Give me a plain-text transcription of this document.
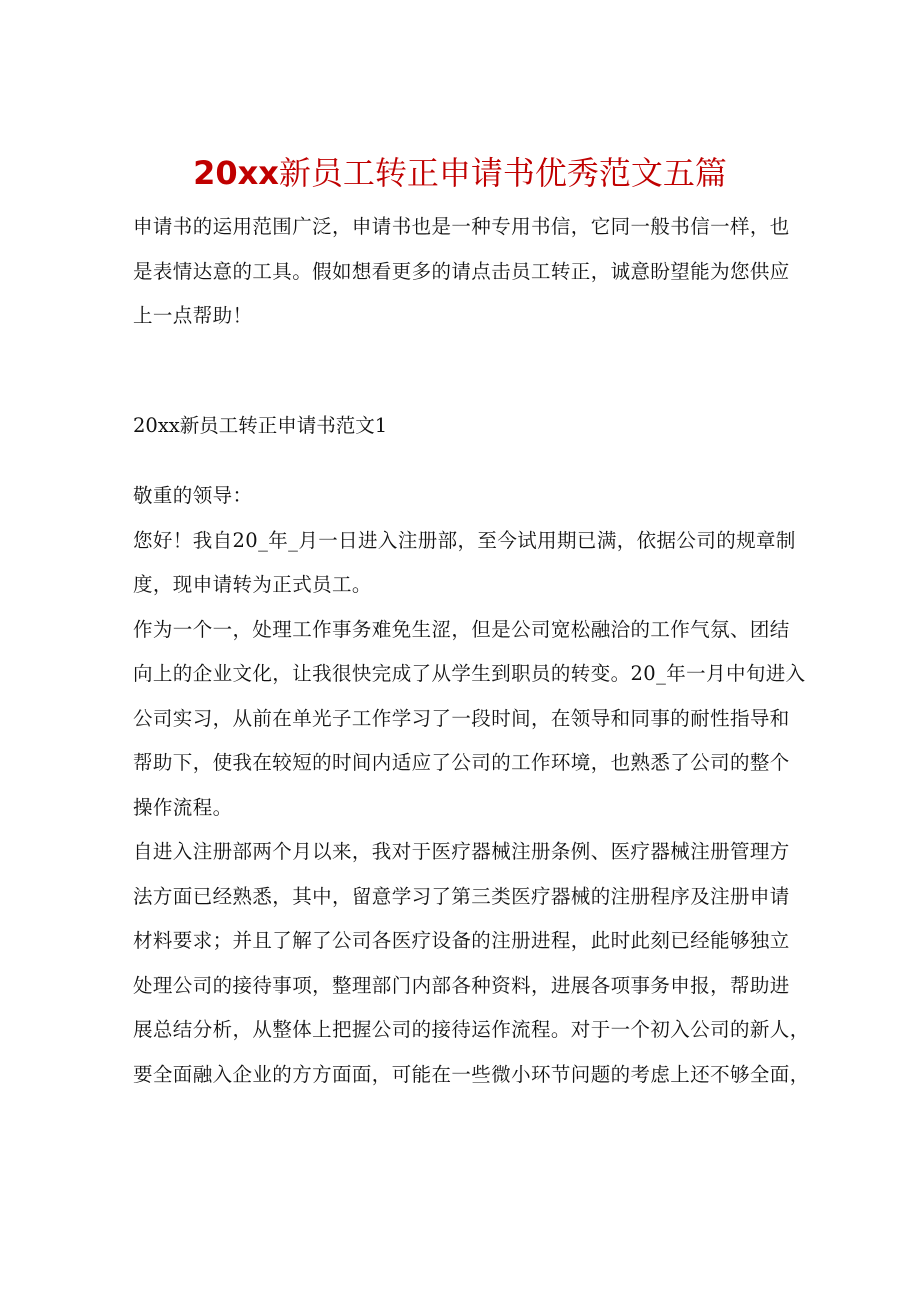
20xx新员工转正申请书优秀范文五篇

申请书的运用范围广泛，申请书也是一种专用书信，它同一般书信一样，也
是表情达意的工具。假如想看更多的请点击员工转正，诚意盼望能为您供应
上一点帮助！

20xx新员工转正申请书范文1

敬重的领导：

您好！我自20_年_月一日进入注册部，至今试用期已满，依据公司的规章制
度，现申请转为正式员工。

作为一个一，处理工作事务难免生涩，但是公司宽松融洽的工作气氛、团结
向上的企业文化，让我很快完成了从学生到职员的转变。20_年一月中旬进入
公司实习，从前在单光子工作学习了一段时间，在领导和同事的耐性指导和
帮助下，使我在较短的时间内适应了公司的工作环境，也熟悉了公司的整个
操作流程。

自进入注册部两个月以来，我对于医疗器械注册条例、医疗器械注册管理方
法方面已经熟悉，其中，留意学习了第三类医疗器械的注册程序及注册申请
材料要求；并且了解了公司各医疗设备的注册进程，此时此刻已经能够独立
处理公司的接待事项，整理部门内部各种资料，进展各项事务申报，帮助进
展总结分析，从整体上把握公司的接待运作流程。对于一个初入公司的新人，
要全面融入企业的方方面面，可能在一些微小环节问题的考虑上还不够全面，
